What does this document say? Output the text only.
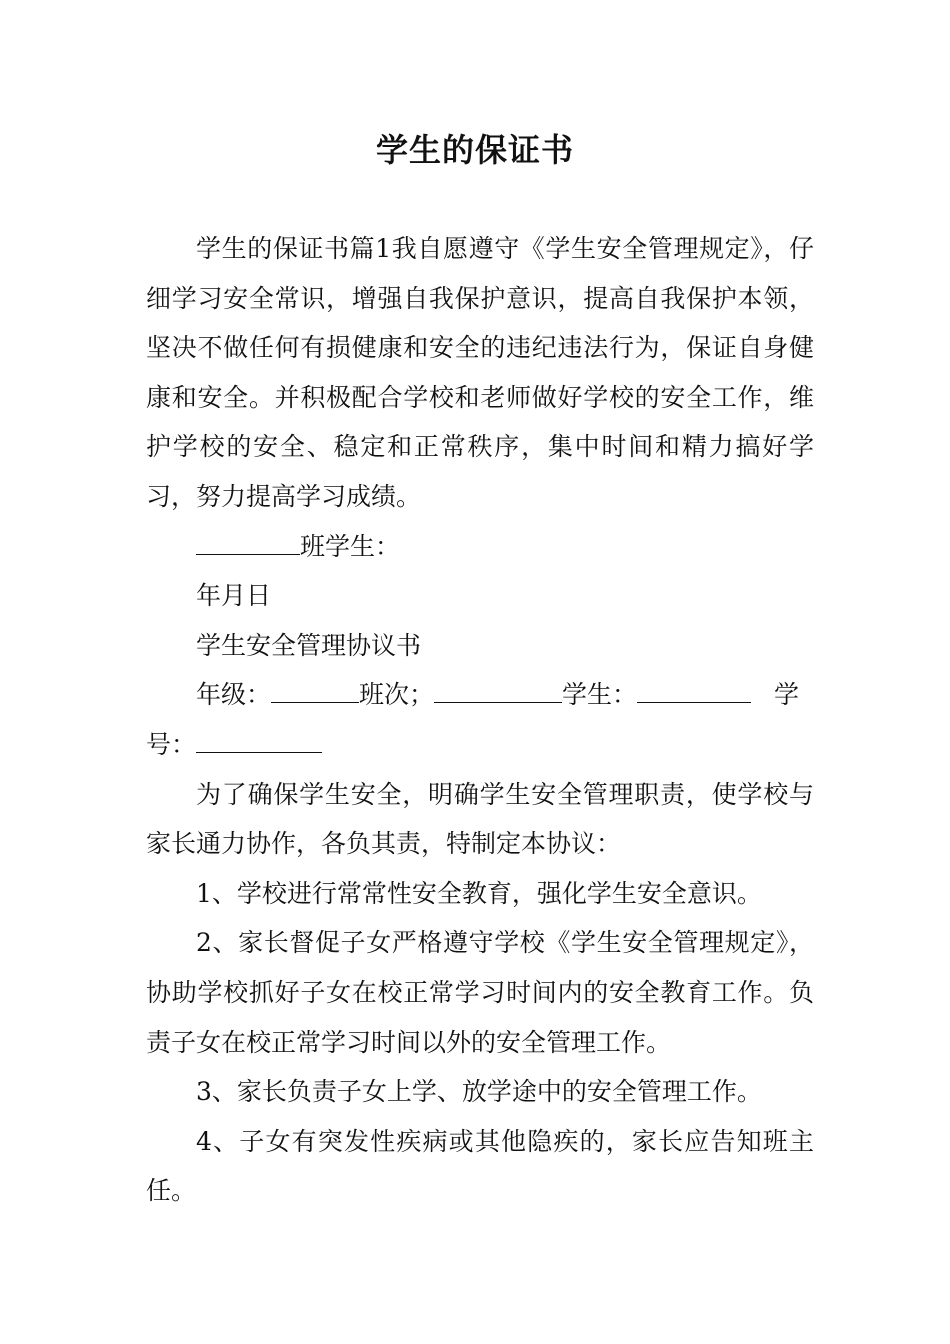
学生的保证书

学生的保证书篇1我自愿遵守《学生安全管理规定》，仔细学习安全常识，增强自我保护意识，提高自我保护本领，坚决不做任何有损健康和安全的违纪违法行为，保证自身健康和安全。并积极配合学校和老师做好学校的安全工作，维护学校的安全、稳定和正常秩序，集中时间和精力搞好学习，努力提高学习成绩。

班学生：

年月日

学生安全管理协议书

年级：	班次；	学生：	学

号：

为了确保学生安全，明确学生安全管理职责，使学校与家长通力协作，各负其责，特制定本协议：

1、学校进行常常性安全教育，强化学生安全意识。

2、家长督促子女严格遵守学校《学生安全管理规定》，协助学校抓好子女在校正常学习时间内的安全教育工作。负责子女在校正常学习时间以外的安全管理工作。

3、家长负责子女上学、放学途中的安全管理工作。

4、子女有突发性疾病或其他隐疾的，家长应告知班主任。
